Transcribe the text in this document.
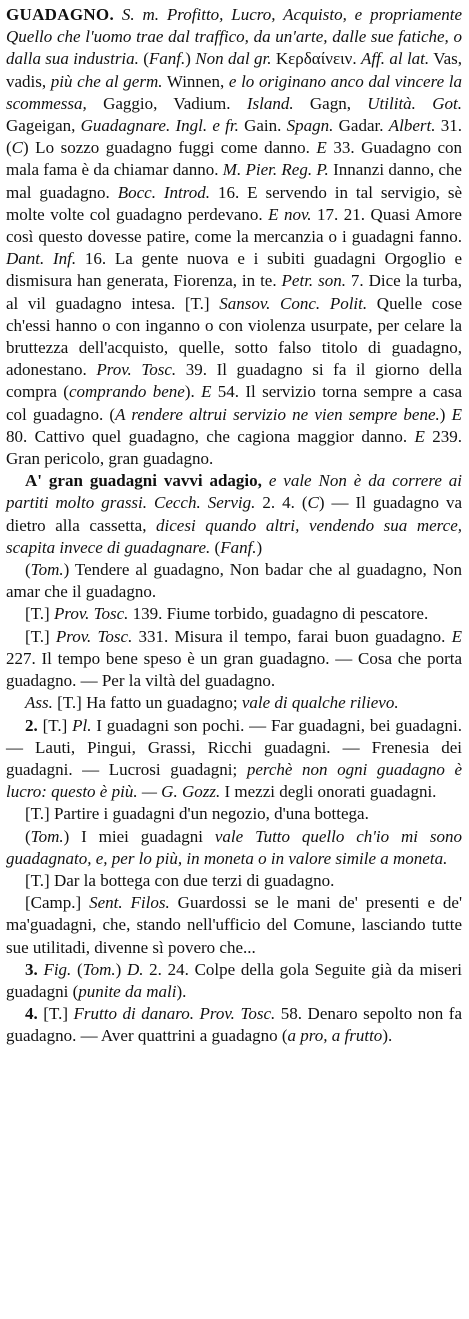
GUADAGNO. S. m. Profitto, Lucro, Acquisto, e propriamente Quello che l'uomo trae dal traffico, da un'arte, dalle sue fatiche, o dalla sua industria. (Fanf.) Non dal gr. Κερδαίνειν. Aff. al lat. Vas, vadis, più che al germ. Winnen, e lo originano anco dal vincere la scommessa, Gaggio, Vadium. Island. Gagn, Utilità. Got. Gageigan, Guadagnare. Ingl. e fr. Gain. Spagn. Gadar. Albert. 31. (C) Lo sozzo guadagno fuggi come danno. E 33. Guadagno con mala fama è da chiamar danno. M. Pier. Reg. P. Innanzi danno, che mal guadagno. Bocc. Introd. 16. E servendo in tal servigio, sè molte volte col guadagno perdevano. E nov. 17. 21. Quasi Amore così questo dovesse patire, come la mercanzia o i guadagni fanno. Dant. Inf. 16. La gente nuova e i subiti guadagni Orgoglio e dismisura han generata, Fiorenza, in te. Petr. son. 7. Dice la turba, al vil guadagno intesa. [T.] Sansov. Conc. Polit. Quelle cose ch'essi hanno o con inganno o con violenza usurpate, per celare la bruttezza dell'acquisto, quelle, sotto falso titolo di guadagno, adonestano. Prov. Tosc. 39. Il guadagno si fa il giorno della compra (comprando bene). E 54. Il servizio torna sempre a casa col guadagno. (A rendere altrui servizio ne vien sempre bene.) E 80. Cattivo quel guadagno, che cagiona maggior danno. E 239. Gran pericolo, gran guadagno.

A' gran guadagni vavvi adagio, e vale Non è da correre ai partiti molto grassi. Cecch. Servig. 2. 4. (C) — Il guadagno va dietro alla cassetta, dicesi quando altri, vendendo sua merce, scapita invece di guadagnare. (Fanf.)

(Tom.) Tendere al guadagno, Non badar che al guadagno, Non amar che il guadagno.

[T.] Prov. Tosc. 139. Fiume torbido, guadagno di pescatore.

[T.] Prov. Tosc. 331. Misura il tempo, farai buon guadagno. E 227. Il tempo bene speso è un gran guadagno. — Cosa che porta guadagno. — Per la viltà del guadagno.

Ass. [T.] Ha fatto un guadagno; vale di qualche rilievo.

2. [T.] Pl. I guadagni son pochi. — Far guadagni, bei guadagni. — Lauti, Pingui, Grassi, Ricchi guadagni. — Frenesia dei guadagni. — Lucrosi guadagni; perchè non ogni guadagno è lucro: questo è più. — G. Gozz. I mezzi degli onorati guadagni.

[T.] Partire i guadagni d'un negozio, d'una bottega.

(Tom.) I miei guadagni vale Tutto quello ch'io mi sono guadagnato, e, per lo più, in moneta o in valore simile a moneta.

[T.] Dar la bottega con due terzi di guadagno.

[Camp.] Sent. Filos. Guardossi se le mani de' presenti e de' ma'guadagni, che, stando nell'ufficio del Comune, lasciando tutte sue utilitadi, divenne sì povero che...

3. Fig. (Tom.) D. 2. 24. Colpe della gola Seguite già da miseri guadagni (punite da mali).

4. [T.] Frutto di danaro. Prov. Tosc. 58. Denaro sepolto non fa guadagno. — Aver quattrini a guadagno (a pro, a frutto).
